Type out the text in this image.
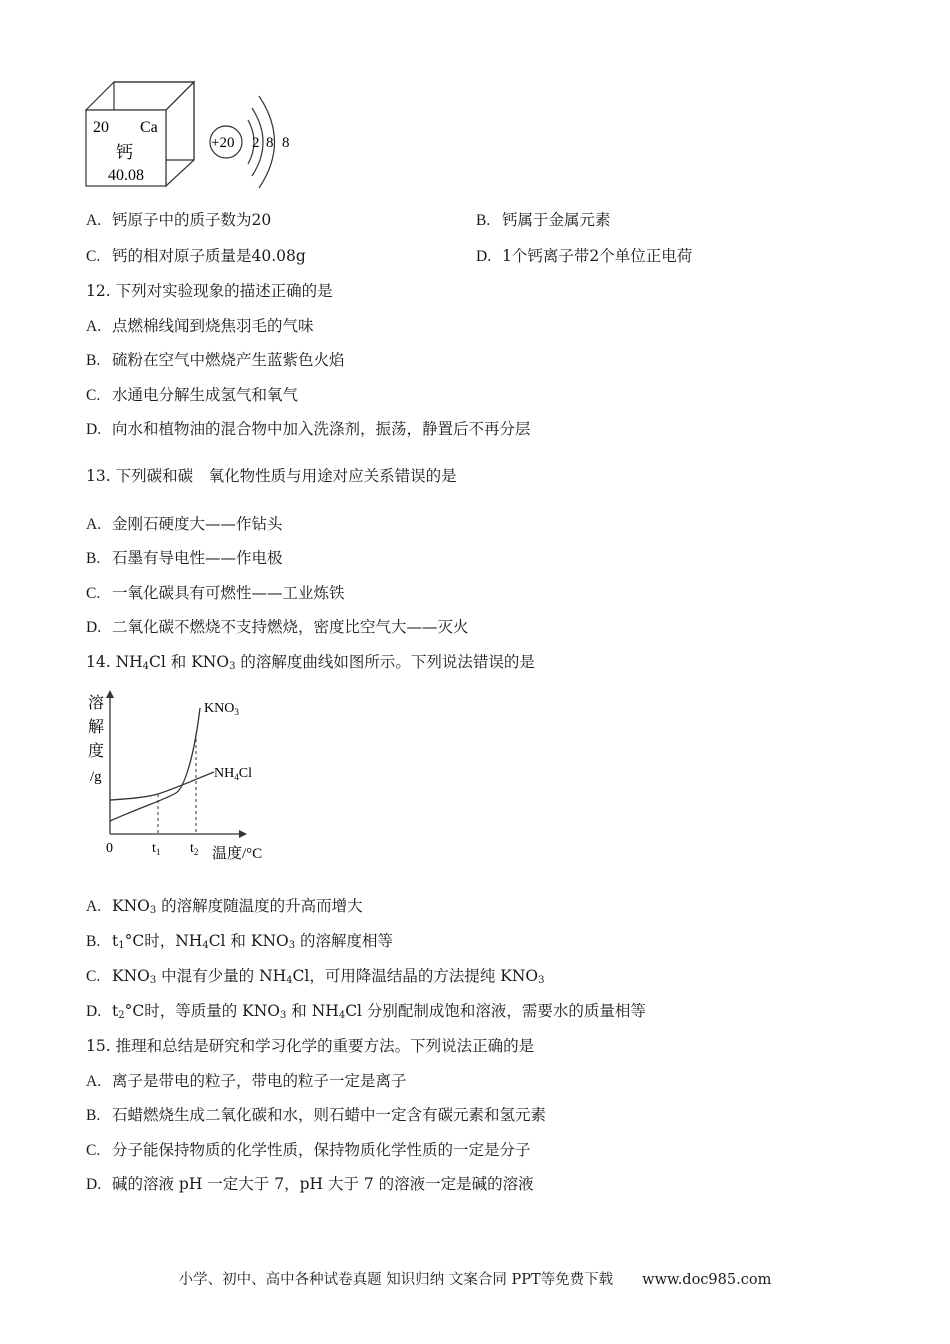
20 Ca
钙
40.08
+20 2 8 8
A. 钙原子中的质子数为20	B. 钙属于金属元素
C. 钙的相对原子质量是40.08g	D. 1个钙离子带2个单位正电荷
12. 下列对实验现象的描述正确的是
A. 点燃棉线闻到烧焦羽毛的气味
B. 硫粉在空气中燃烧产生蓝紫色火焰
C. 水通电分解生成氢气和氧气
D. 向水和植物油的混合物中加入洗涤剂，振荡，静置后不再分层
13. 下列碳和碳　氧化物性质与用途对应关系错误的是
A. 金刚石硬度大——作钻头
B. 石墨有导电性——作电极
C. 一氧化碳具有可燃性——工业炼铁
D. 二氧化碳不燃烧不支持燃烧，密度比空气大——灭火
14. $NH_4Cl$ 和 $KNO_3$ 的溶解度曲线如图所示。下列说法错误的是
溶
解
度
/g
$KNO_3$
$NH_4Cl$
0	$t_1$ $t_2$ 温度/°C
A. $KNO_3$ 的溶解度随温度的升高而增大
B. $t_1^\circ C$时，$NH_4Cl$ 和 $KNO_3$ 的溶解度相等
C. $KNO_3$ 中混有少量的 $NH_4Cl$，可用降温结晶的方法提纯 $KNO_3$
D. $t_2^\circ C$时，等质量的 $KNO_3$ 和 $NH_4Cl$ 分别配制成饱和溶液，需要水的质量相等
15. 推理和总结是研究和学习化学的重要方法。下列说法正确的是
A. 离子是带电的粒子，带电的粒子一定是离子
B. 石蜡燃烧生成二氧化碳和水，则石蜡中一定含有碳元素和氢元素
C. 分子能保持物质的化学性质，保持物质化学性质的一定是分子
D. 碱的溶液 pH 一定大于 7，pH 大于 7 的溶液一定是碱的溶液
小学、初中、高中各种试卷真题 知识归纳 文案合同 PPT等免费下载　　www.doc985.com
